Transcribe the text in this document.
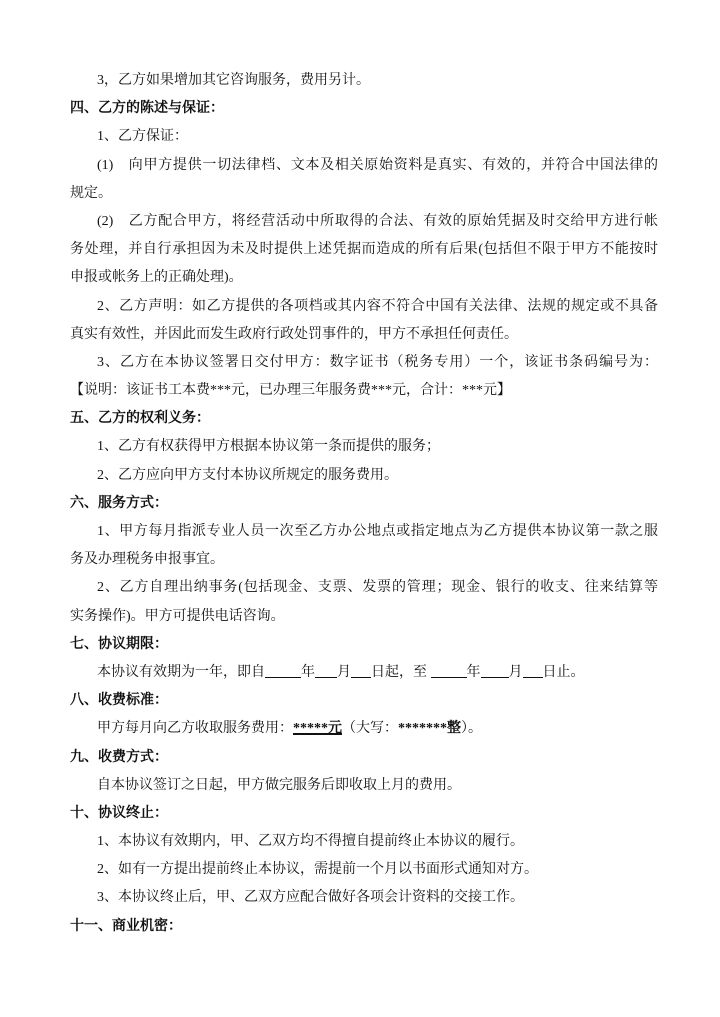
3，乙方如果增加其它咨询服务，费用另计。
四、乙方的陈述与保证：
1、乙方保证：
(1)　向甲方提供一切法律档、文本及相关原始资料是真实、有效的，并符合中国法律的
规定。
(2)　乙方配合甲方，将经营活动中所取得的合法、有效的原始凭据及时交给甲方进行帐
务处理，并自行承担因为未及时提供上述凭据而造成的所有后果(包括但不限于甲方不能按时
申报或帐务上的正确处理)。
2、乙方声明：如乙方提供的各项档或其内容不符合中国有关法律、法规的规定或不具备
真实有效性，并因此而发生政府行政处罚事件的，甲方不承担任何责任。
3、乙方在本协议签署日交付甲方：数字证书（税务专用）一个，该证书条码编号为：
【说明：该证书工本费***元，已办理三年服务费***元，合计：***元】
五、乙方的权利义务：
1、乙方有权获得甲方根据本协议第一条而提供的服务；
2、乙方应向甲方支付本协议所规定的服务费用。
六、服务方式：
1、甲方每月指派专业人员一次至乙方办公地点或指定地点为乙方提供本协议第一款之服
务及办理税务申报事宜。
2、乙方自理出纳事务(包括现金、支票、发票的管理；现金、银行的收支、往来结算等
实务操作)。甲方可提供电话咨询。
七、协议期限：
本协议有效期为一年，即自	年 月 日起，至	年 月 日止。
八、收费标准：
甲方每月向乙方收取服务费用：*****元（大写：*******整）。
九、收费方式：
自本协议签订之日起，甲方做完服务后即收取上月的费用。
十、协议终止：
1、本协议有效期内，甲、乙双方均不得擅自提前终止本协议的履行。
2、如有一方提出提前终止本协议，需提前一个月以书面形式通知对方。
3、本协议终止后，甲、乙双方应配合做好各项会计资料的交接工作。
十一、商业机密：
